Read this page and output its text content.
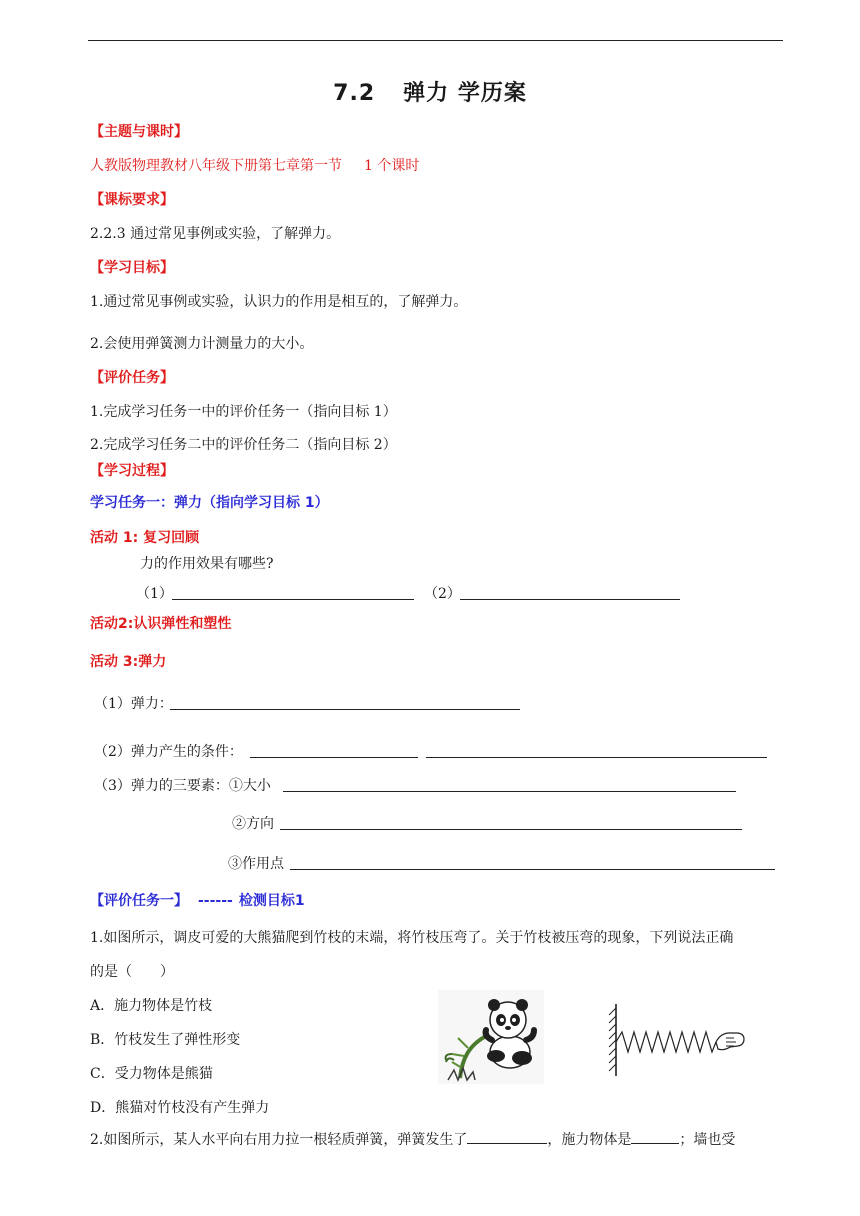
7.2 弹力 学历案
【主题与课时】
人教版物理教材八年级下册第七章第一节 1 个课时
【课标要求】
2.2.3 通过常见事例或实验，了解弹力。
【学习目标】
1.通过常见事例或实验，认识力的作用是相互的，了解弹力。
2.会使用弹簧测力计测量力的大小。
【评价任务】
1.完成学习任务一中的评价任务一（指向目标 1）
2.完成学习任务二中的评价任务二（指向目标 2）
【学习过程】
学习任务一：弹力（指向学习目标 1）
活动 1: 复习回顾
力的作用效果有哪些?
（1）	（2）
活动2:认识弹性和塑性
活动 3:弹力
（1）弹力：
（2）弹力产生的条件：
（3）弹力的三要素：①大小
②方向
③作用点
【评价任务一】 ------ 检测目标1
1.如图所示，调皮可爱的大熊猫爬到竹枝的末端，将竹枝压弯了。关于竹枝被压弯的现象，下列说法正确
的是（　　）
A．施力物体是竹枝
B．竹枝发生了弹性形变
C．受力物体是熊猫
D．熊猫对竹枝没有产生弹力
2.如图所示，某人水平向右用力拉一根轻质弹簧，弹簧发生了	，施力物体是	；墙也受
